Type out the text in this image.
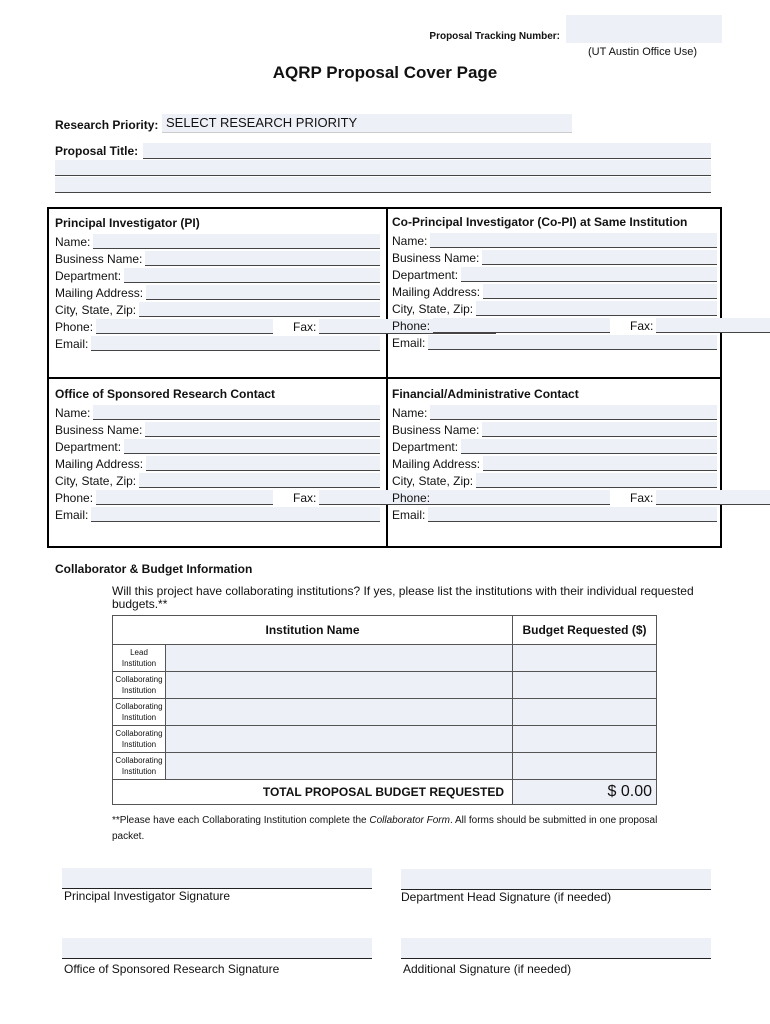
Proposal Tracking Number:
(UT Austin Office Use)
AQRP Proposal Cover Page
Research Priority: SELECT RESEARCH PRIORITY
Proposal Title:
Principal Investigator (PI)
Name:
Business Name:
Department:
Mailing Address:
City, State, Zip:
Phone:	Fax:
Email:
Co-Principal Investigator (Co-PI) at Same Institution
Name:
Business Name:
Department:
Mailing Address:
City, State, Zip:
Phone:	Fax:
Email:
Office of Sponsored Research Contact
Name:
Business Name:
Department:
Mailing Address:
City, State, Zip:
Phone:	Fax:
Email:
Financial/Administrative Contact
Name:
Business Name:
Department:
Mailing Address:
City, State, Zip:
Phone:	Fax:
Email:
Collaborator & Budget Information
Will this project have collaborating institutions? If yes, please list the institutions with their individual requested budgets.**
Institution Name		Budget Requested ($)
Lead Institution		
Collaborating Institution		
Collaborating Institution		
Collaborating Institution		
Collaborating Institution		
TOTAL PROPOSAL BUDGET REQUESTED		$ 0.00
**Please have each Collaborating Institution complete the Collaborator Form. All forms should be submitted in one proposal packet.
Principal Investigator Signature	Department Head Signature (if needed)
Office of Sponsored Research Signature	Additional Signature (if needed)
